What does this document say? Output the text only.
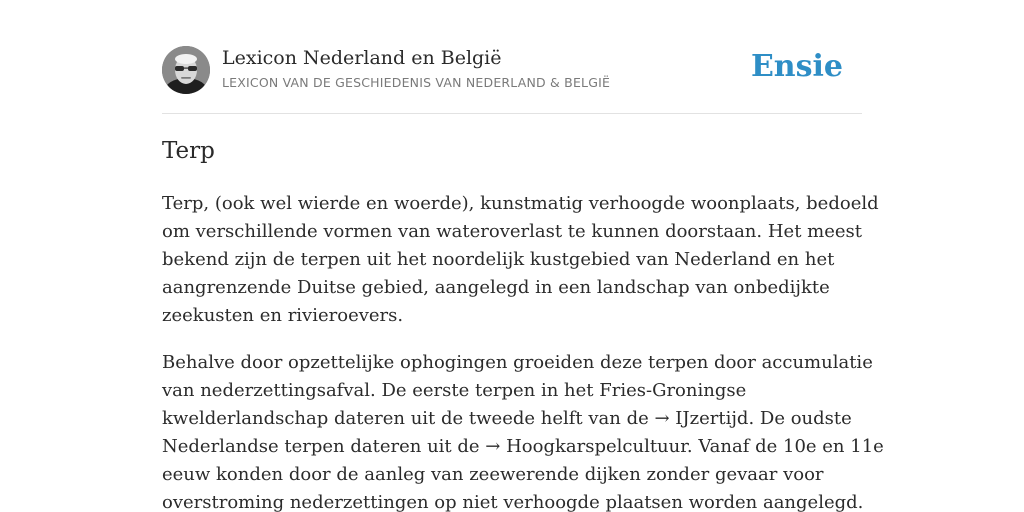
Lexicon Nederland en België
LEXICON VAN DE GESCHIEDENIS VAN NEDERLAND & BELGIË	Ensie
Terp

Terp, (ook wel wierde en woerde), kunstmatig verhoogde woonplaats, bedoeld
om verschillende vormen van wateroverlast te kunnen doorstaan. Het meest
bekend zijn de terpen uit het noordelijk kustgebied van Nederland en het
aangrenzende Duitse gebied, aangelegd in een landschap van onbedijkte
zeekusten en rivieroevers.

Behalve door opzettelijke ophogingen groeiden deze terpen door accumulatie
van nederzettingsafval. De eerste terpen in het Fries-Groningse
kwelderlandschap dateren uit de tweede helft van de → IJzertijd. De oudste
Nederlandse terpen dateren uit de → Hoogkarspelcultuur. Vanaf de 10e en 11e
eeuw konden door de aanleg van zeewerende dijken zonder gevaar voor
overstroming nederzettingen op niet verhoogde plaatsen worden aangelegd.
